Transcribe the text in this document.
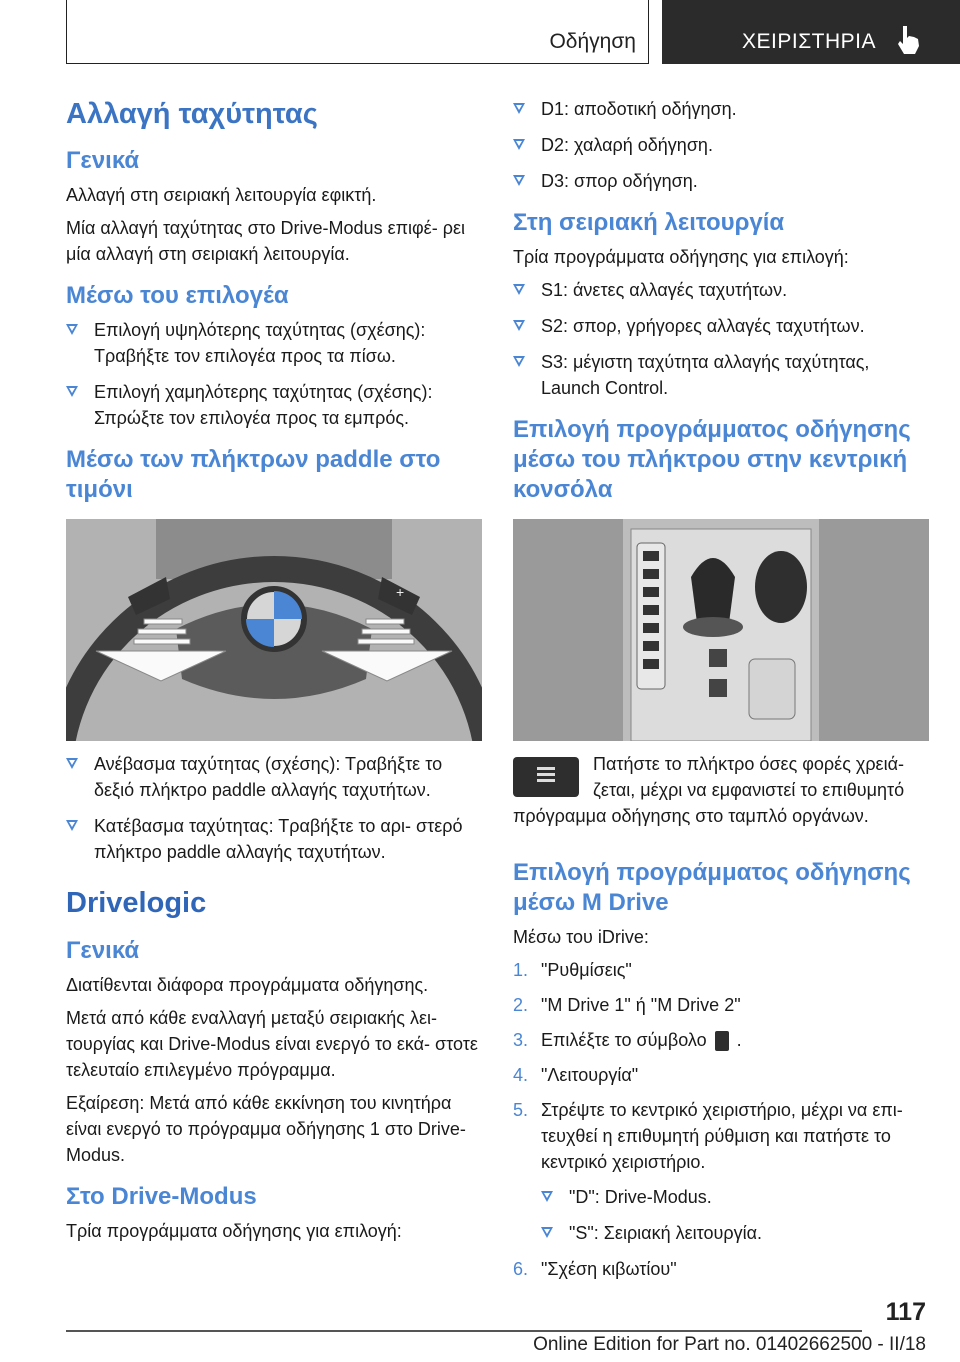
Οδήγηση	ΧΕΙΡΙΣΤΗΡΙΑ
Αλλαγή ταχύτητας
Γενικά

Αλλαγή στη σειριακή λειτουργία εφικτή.

Μία αλλαγή ταχύτητας στο Drive-Modus επιφέ‐ ρει μία αλλαγή στη σειριακή λειτουργία.

Μέσω του επιλογέα
Επιλογή υψηλότερης ταχύτητας (σχέσης): Τραβήξτε τον επιλογέα προς τα πίσω.
Επιλογή χαμηλότερης ταχύτητας (σχέσης): Σπρώξτε τον επιλογέα προς τα εμπρός.
Μέσω των πλήκτρων paddle στο τιμόνι
+
Ανέβασμα ταχύτητας (σχέσης): Τραβήξτε το δεξιό πλήκτρο paddle αλλαγής ταχυτήτων.
Κατέβασμα ταχύτητας: Τραβήξτε το αρι‐ στερό πλήκτρο paddle αλλαγής ταχυτήτων.
Drivelogic
Γενικά

Διατίθενται διάφορα προγράμματα οδήγησης.

Μετά από κάθε εναλλαγή μεταξύ σειριακής λει‐ τουργίας και Drive-Modus είναι ενεργό το εκά‐ στοτε τελευταίο επιλεγμένο πρόγραμμα.

Εξαίρεση: Μετά από κάθε εκκίνηση του κινητήρα είναι ενεργό το πρόγραμμα οδήγησης 1 στο Drive-Modus.

Στο Drive-Modus

Τρία προγράμματα οδήγησης για επιλογή:

D1: αποδοτική οδήγηση.
D2: χαλαρή οδήγηση.
D3: σπορ οδήγηση.
Στη σειριακή λειτουργία

Τρία προγράμματα οδήγησης για επιλογή:

S1: άνετες αλλαγές ταχυτήτων.
S2: σπορ, γρήγορες αλλαγές ταχυτήτων.
S3: μέγιστη ταχύτητα αλλαγής ταχύτητας, Launch Control.
Επιλογή προγράμματος οδήγησης μέσω του πλήκτρου στην κεντρική κονσόλα
Πατήστε το πλήκτρο όσες φορές χρειά‐ ζεται, μέχρι να εμφανιστεί το επιθυμητό πρόγραμμα οδήγησης στο ταμπλό οργάνων.
Επιλογή προγράμματος οδήγησης μέσω M Drive

Μέσω του iDrive:

1. "Ρυθμίσεις"
2. "M Drive 1" ή "M Drive 2"
3. Επιλέξτε το σύμβολο .
4. "Λειτουργία"
5. Στρέψτε το κεντρικό χειριστήριο, μέχρι να επι‐ τευχθεί η επιθυμητή ρύθμιση και πατήστε το κεντρικό χειριστήριο.
"D": Drive-Modus.
"S": Σειριακή λειτουργία.
6. "Σχέση κιβωτίου"
117
Online Edition for Part no. 01402662500 - II/18
